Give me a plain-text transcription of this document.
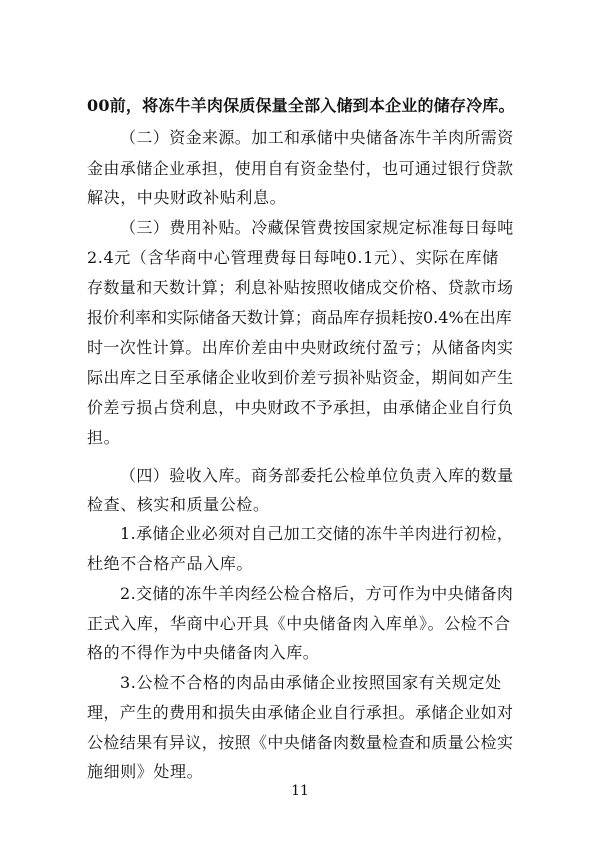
00前，将冻牛羊肉保质保量全部入储到本企业的储存冷库。
（二）资金来源。加工和承储中央储备冻牛羊肉所需资
金由承储企业承担，使用自有资金垫付，也可通过银行贷款
解决，中央财政补贴利息。
（三）费用补贴。冷藏保管费按国家规定标准每日每吨
2.4元（含华商中心管理费每日每吨0.1元）、实际在库储
存数量和天数计算；利息补贴按照收储成交价格、贷款市场
报价利率和实际储备天数计算；商品库存损耗按0.4%在出库
时一次性计算。出库价差由中央财政统付盈亏；从储备肉实
际出库之日至承储企业收到价差亏损补贴资金，期间如产生
价差亏损占贷利息，中央财政不予承担，由承储企业自行负
担。
（四）验收入库。商务部委托公检单位负责入库的数量
检查、核实和质量公检。
1.承储企业必须对自己加工交储的冻牛羊肉进行初检，
杜绝不合格产品入库。
2.交储的冻牛羊肉经公检合格后，方可作为中央储备肉
正式入库，华商中心开具《中央储备肉入库单》。公检不合
格的不得作为中央储备肉入库。
3.公检不合格的肉品由承储企业按照国家有关规定处
理，产生的费用和损失由承储企业自行承担。承储企业如对
公检结果有异议，按照《中央储备肉数量检查和质量公检实
施细则》处理。
11
